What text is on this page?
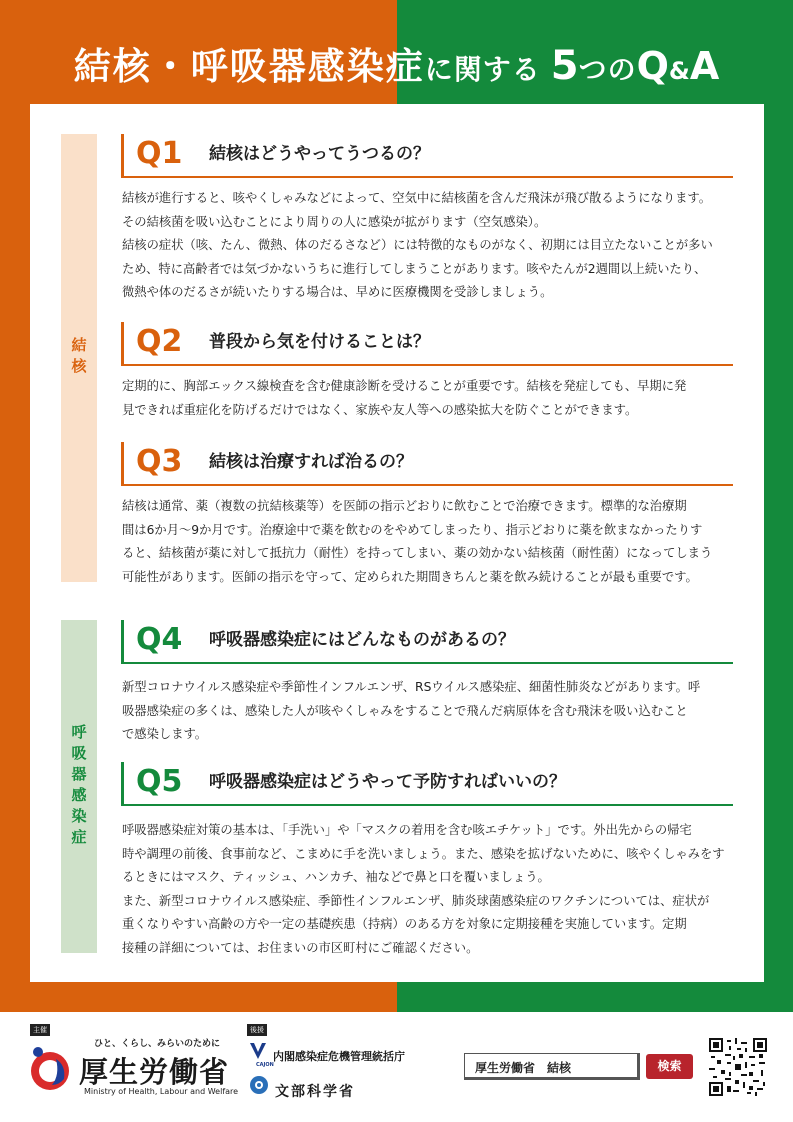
結核・呼吸器感染症に関する 5つのQ&A
結核
呼吸器感染症
Q1 結核はどうやってうつるの？

結核が進行すると、咳やくしゃみなどによって、空気中に結核菌を含んだ飛沫が飛び散るようになります。

その結核菌を吸い込むことにより周りの人に感染が拡がります（空気感染）。

結核の症状（咳、たん、微熱、体のだるさなど）には特徴的なものがなく、初期には目立たないことが多い

ため、特に高齢者では気づかないうちに進行してしまうことがあります。咳やたんが2週間以上続いたり、

微熱や体のだるさが続いたりする場合は、早めに医療機関を受診しましょう。

Q2 普段から気を付けることは？

定期的に、胸部エックス線検査を含む健康診断を受けることが重要です。結核を発症しても、早期に発

見できれば重症化を防げるだけではなく、家族や友人等への感染拡大を防ぐことができます。

Q3 結核は治療すれば治るの？

結核は通常、薬（複数の抗結核薬等）を医師の指示どおりに飲むことで治療できます。標準的な治療期

間は6か月〜9か月です。治療途中で薬を飲むのをやめてしまったり、指示どおりに薬を飲まなかったりす

ると、結核菌が薬に対して抵抗力（耐性）を持ってしまい、薬の効かない結核菌（耐性菌）になってしまう

可能性があります。医師の指示を守って、定められた期間きちんと薬を飲み続けることが最も重要です。

Q4 呼吸器感染症にはどんなものがあるの？

新型コロナウイルス感染症や季節性インフルエンザ、RSウイルス感染症、細菌性肺炎などがあります。呼

吸器感染症の多くは、感染した人が咳やくしゃみをすることで飛んだ病原体を含む飛沫を吸い込むこと

で感染します。

Q5 呼吸器感染症はどうやって予防すればいいの？

呼吸器感染症対策の基本は、「手洗い」や「マスクの着用を含む咳エチケット」です。外出先からの帰宅

時や調理の前後、食事前など、こまめに手を洗いましょう。また、感染を拡げないために、咳やくしゃみをす

るときにはマスク、ティッシュ、ハンカチ、袖などで鼻と口を覆いましょう。

また、新型コロナウイルス感染症、季節性インフルエンザ、肺炎球菌感染症のワクチンについては、症状が

重くなりやすい高齢の方や一定の基礎疾患（持病）のある方を対象に定期接種を実施しています。定期

接種の詳細については、お住まいの市区町村にご確認ください。

主催	後援
ひと、くらし、みらいのために
厚生労働省
Ministry of Health, Labour and Welfare
CAJON
内閣感染症危機管理統括庁
文部科学省
厚生労働省　結核	検索
